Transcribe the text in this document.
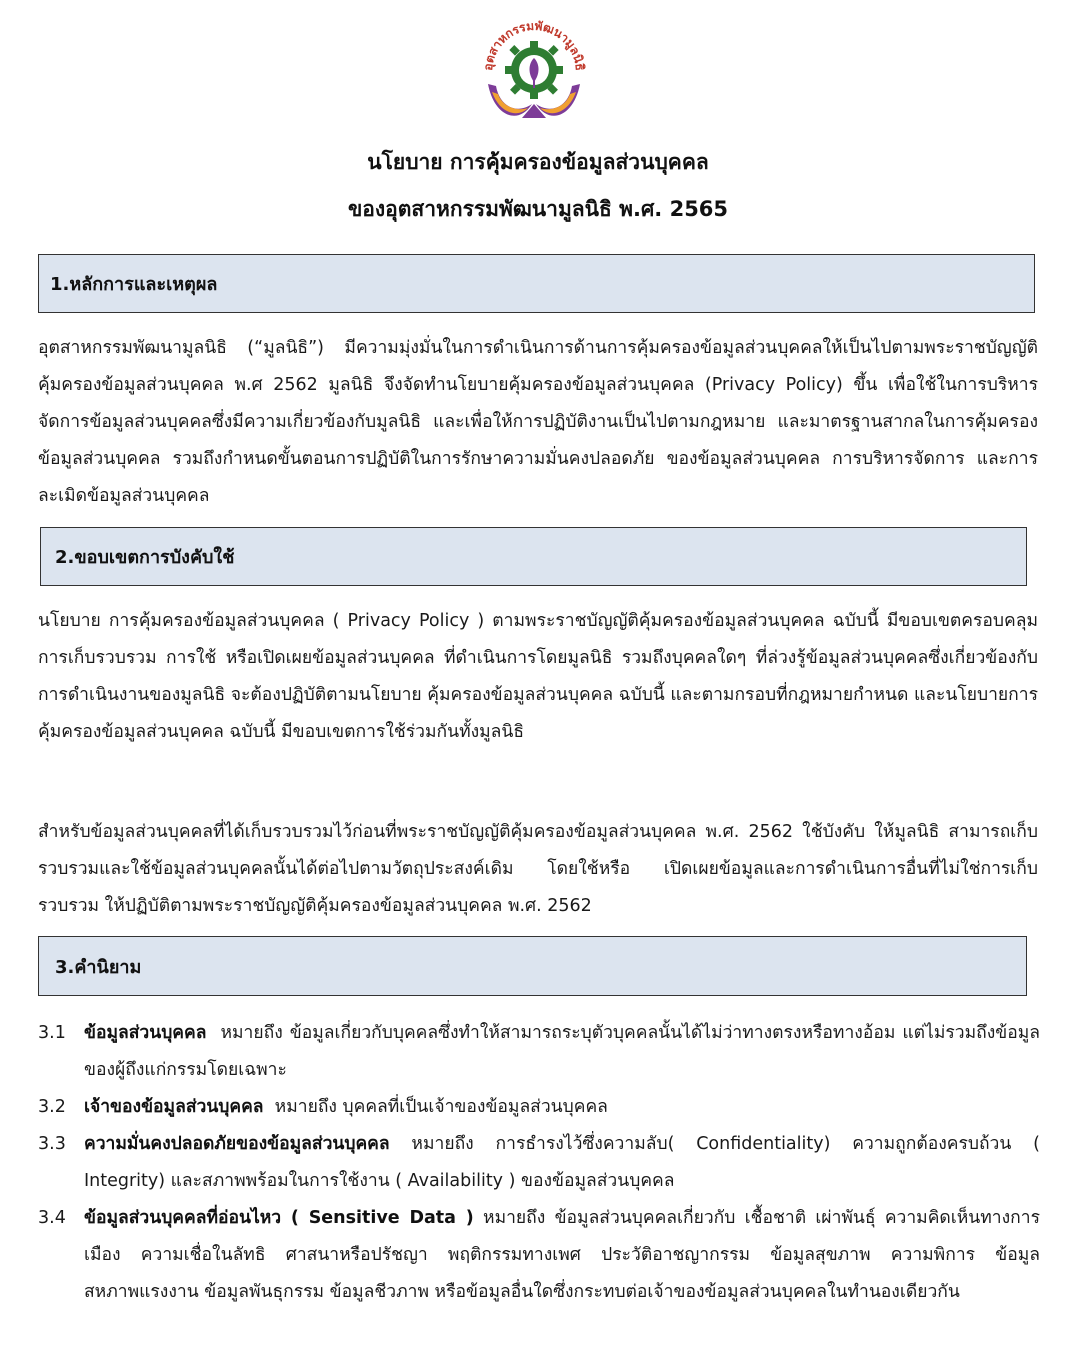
อุตสาหกรรมพัฒนามูลนิธิ
นโยบาย การคุ้มครองข้อมูลส่วนบุคคล
ของอุตสาหกรรมพัฒนามูลนิธิ พ.ศ. 2565
1.หลักการและเหตุผล

อุตสาหกรรมพัฒนามูลนิธิ (“มูลนิธิ”) มีความมุ่งมั่นในการดำเนินการด้านการคุ้มครองข้อมูลส่วนบุคคลให้เป็นไปตามพระราชบัญญัติคุ้มครองข้อมูลส่วนบุคคล พ.ศ 2562 มูลนิธิ จึงจัดทำนโยบายคุ้มครองข้อมูลส่วนบุคคล (Privacy Policy) ขึ้น เพื่อใช้ในการบริหารจัดการข้อมูลส่วนบุคคลซึ่งมีความเกี่ยวข้องกับมูลนิธิ และเพื่อให้การปฏิบัติงานเป็นไปตามกฎหมาย และมาตรฐานสากลในการคุ้มครองข้อมูลส่วนบุคคล รวมถึงกำหนดขั้นตอนการปฏิบัติในการรักษาความมั่นคงปลอดภัย ของข้อมูลส่วนบุคคล การบริหารจัดการ และการละเมิดข้อมูลส่วนบุคคล

2.ขอบเขตการบังคับใช้

นโยบาย การคุ้มครองข้อมูลส่วนบุคคล ( Privacy Policy ) ตามพระราชบัญญัติคุ้มครองข้อมูลส่วนบุคคล ฉบับนี้ มีขอบเขตครอบคลุม การเก็บรวบรวม การใช้ หรือเปิดเผยข้อมูลส่วนบุคคล ที่ดำเนินการโดยมูลนิธิ รวมถึงบุคคลใดๆ ที่ล่วงรู้ข้อมูลส่วนบุคคลซึ่งเกี่ยวข้องกับการดำเนินงานของมูลนิธิ จะต้องปฏิบัติตามนโยบาย คุ้มครองข้อมูลส่วนบุคคล ฉบับนี้ และตามกรอบที่กฎหมายกำหนด และนโยบายการคุ้มครองข้อมูลส่วนบุคคล ฉบับนี้ มีขอบเขตการใช้ร่วมกันทั้งมูลนิธิ

สำหรับข้อมูลส่วนบุคคลที่ได้เก็บรวบรวมไว้ก่อนที่พระราชบัญญัติคุ้มครองข้อมูลส่วนบุคคล พ.ศ. 2562 ใช้บังคับ ให้มูลนิธิ สามารถเก็บรวบรวมและใช้ข้อมูลส่วนบุคคลนั้นได้ต่อไปตามวัตถุประสงค์เดิม โดยใช้หรือ เปิดเผยข้อมูลและการดำเนินการอื่นที่ไม่ใช่การเก็บรวบรวม ให้ปฏิบัติตามพระราชบัญญัติคุ้มครองข้อมูลส่วนบุคคล พ.ศ. 2562

3.คำนิยาม
3.1 ข้อมูลส่วนบุคคล หมายถึง ข้อมูลเกี่ยวกับบุคคลซึ่งทำให้สามารถระบุตัวบุคคลนั้นได้ไม่ว่าทางตรงหรือทางอ้อม แต่ไม่รวมถึงข้อมูลของผู้ถึงแก่กรรมโดยเฉพาะ
3.2 เจ้าของข้อมูลส่วนบุคคล หมายถึง บุคคลที่เป็นเจ้าของข้อมูลส่วนบุคคล
3.3 ความมั่นคงปลอดภัยของข้อมูลส่วนบุคคล หมายถึง การธำรงไว้ซึ่งความลับ( Confidentiality) ความถูกต้องครบถ้วน ( Integrity) และสภาพพร้อมในการใช้งาน ( Availability ) ของข้อมูลส่วนบุคคล
3.4 ข้อมูลส่วนบุคคลที่อ่อนไหว ( Sensitive Data ) หมายถึง ข้อมูลส่วนบุคคลเกี่ยวกับ เชื้อชาติ เผ่าพันธุ์ ความคิดเห็นทางการเมือง ความเชื่อในลัทธิ ศาสนาหรือปรัชญา พฤติกรรมทางเพศ ประวัติอาชญากรรม ข้อมูลสุขภาพ ความพิการ ข้อมูลสหภาพแรงงาน ข้อมูลพันธุกรรม ข้อมูลชีวภาพ หรือข้อมูลอื่นใดซึ่งกระทบต่อเจ้าของข้อมูลส่วนบุคคลในทำนองเดียวกัน
